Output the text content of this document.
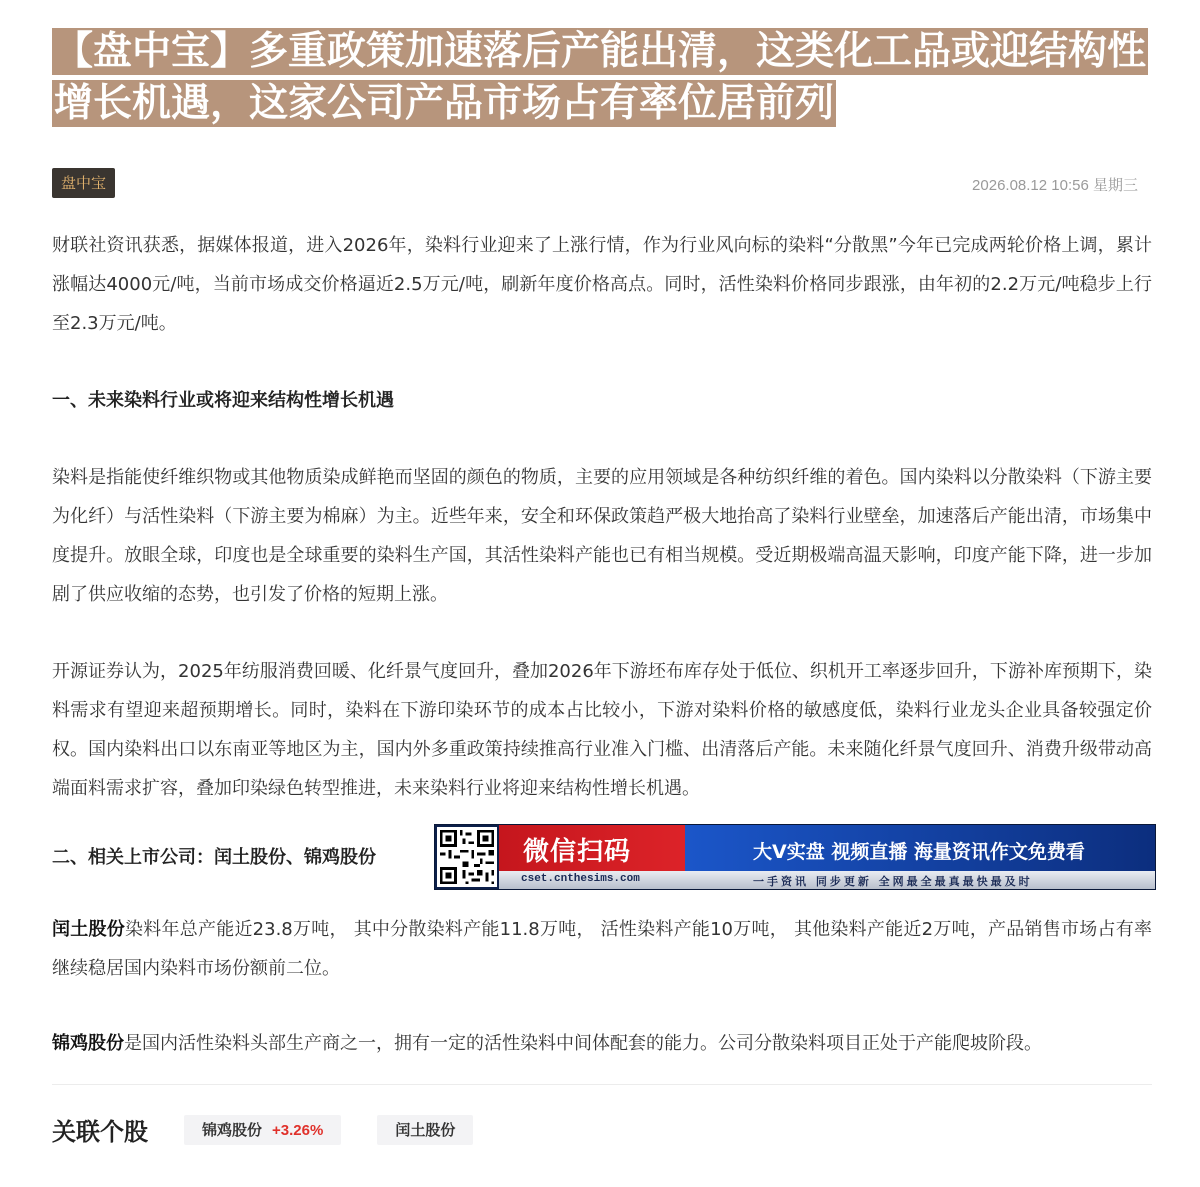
【盘中宝】多重政策加速落后产能出清，这类化工品或迎结构性增长机遇，这家公司产品市场占有率位居前列
盘中宝	2026.08.12 10:56 星期三

财联社资讯获悉，据媒体报道，进入2026年，染料行业迎来了上涨行情，作为行业风向标的染料“分散黑”今年已完成两轮价格上调，累计涨幅达4000元/吨，当前市场成交价格逼近2.5万元/吨，刷新年度价格高点。同时，活性染料价格同步跟涨，由年初的2.2万元/吨稳步上行至2.3万元/吨。

一、未来染料行业或将迎来结构性增长机遇

染料是指能使纤维织物或其他物质染成鲜艳而坚固的颜色的物质，主要的应用领域是各种纺织纤维的着色。国内染料以分散染料（下游主要为化纤）与活性染料（下游主要为棉麻）为主。近些年来，安全和环保政策趋严极大地抬高了染料行业壁垒，加速落后产能出清，市场集中度提升。放眼全球，印度也是全球重要的染料生产国，其活性染料产能也已有相当规模。受近期极端高温天影响，印度产能下降，进一步加剧了供应收缩的态势，也引发了价格的短期上涨。

开源证券认为，2025年纺服消费回暖、化纤景气度回升，叠加2026年下游坯布库存处于低位、织机开工率逐步回升，下游补库预期下，染料需求有望迎来超预期增长。同时，染料在下游印染环节的成本占比较小，下游对染料价格的敏感度低，染料行业龙头企业具备较强定价权。国内染料出口以东南亚等地区为主，国内外多重政策持续推高行业准入门槛、出清落后产能。未来随化纤景气度回升、消费升级带动高端面料需求扩容，叠加印染绿色转型推进，未来染料行业将迎来结构性增长机遇。

二、相关上市公司：闰土股份、锦鸡股份	微信扫码	大V实盘 视频直播 海量资讯作文免费看
cset.cnthesims.com	一手资讯 同步更新 全网最全最真最快最及时

闰土股份染料年总产能近23.8万吨， 其中分散染料产能11.8万吨， 活性染料产能10万吨， 其他染料产能近2万吨，产品销售市场占有率继续稳居国内染料市场份额前二位。

锦鸡股份是国内活性染料头部生产商之一，拥有一定的活性染料中间体配套的能力。公司分散染料项目正处于产能爬坡阶段。

关联个股	锦鸡股份 +3.26%	闰土股份
